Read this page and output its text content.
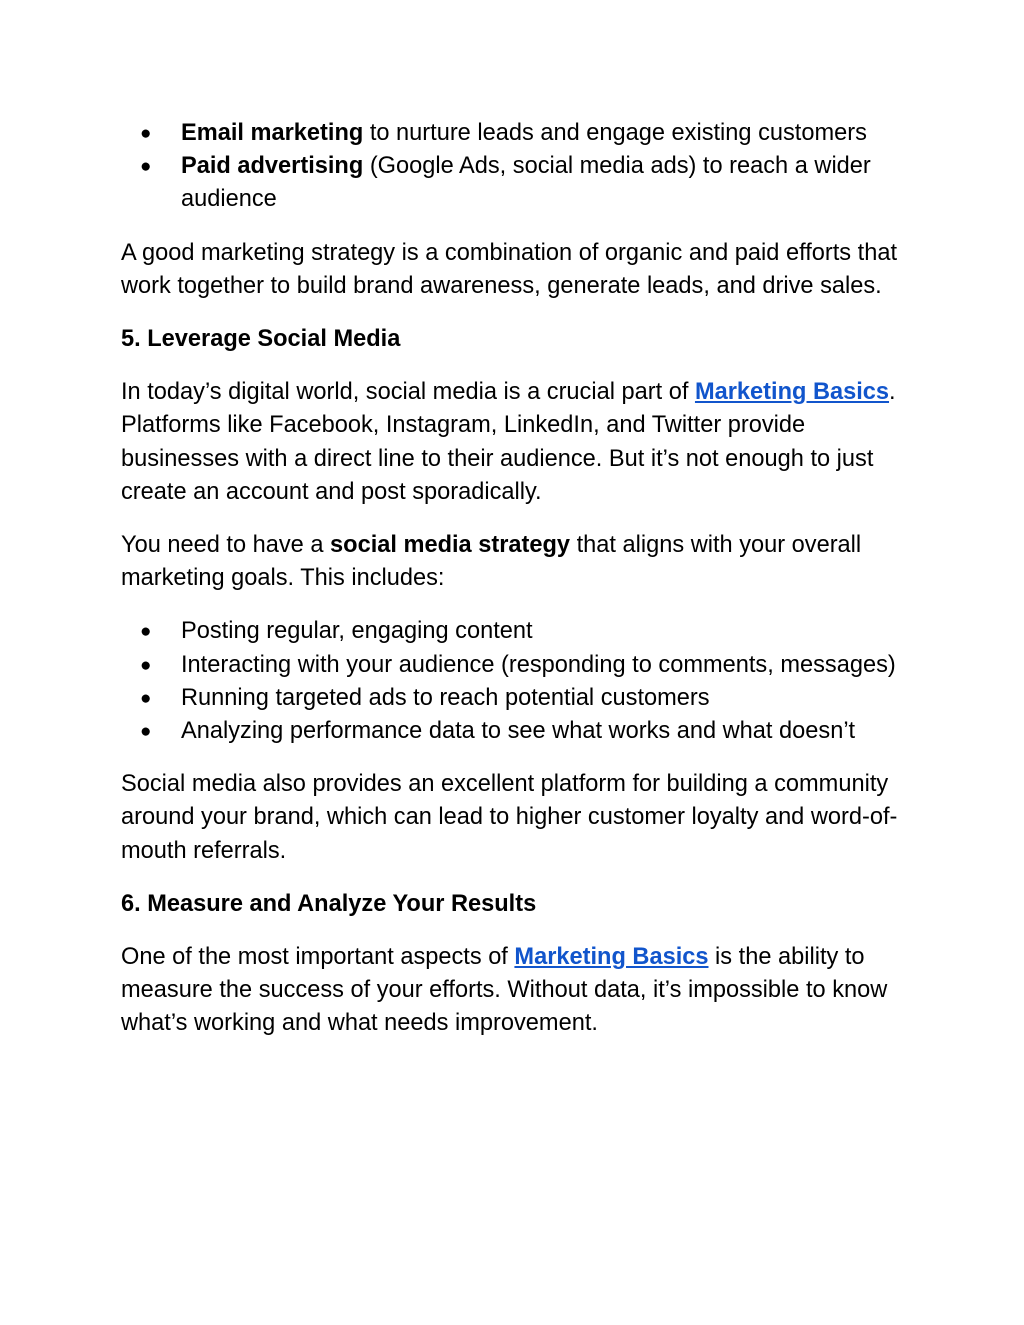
● Email marketing to nurture leads and engage existing customers
● Paid advertising (Google Ads, social media ads) to reach a wider audience

A good marketing strategy is a combination of organic and paid efforts that work together to build brand awareness, generate leads, and drive sales.

5. Leverage Social Media

In today’s digital world, social media is a crucial part of Marketing Basics. Platforms like Facebook, Instagram, LinkedIn, and Twitter provide businesses with a direct line to their audience. But it’s not enough to just create an account and post sporadically.

You need to have a social media strategy that aligns with your overall marketing goals. This includes:

● Posting regular, engaging content
● Interacting with your audience (responding to comments, messages)
● Running targeted ads to reach potential customers
● Analyzing performance data to see what works and what doesn’t

Social media also provides an excellent platform for building a community around your brand, which can lead to higher customer loyalty and word-of-mouth referrals.

6. Measure and Analyze Your Results

One of the most important aspects of Marketing Basics is the ability to measure the success of your efforts. Without data, it’s impossible to know what’s working and what needs improvement.
